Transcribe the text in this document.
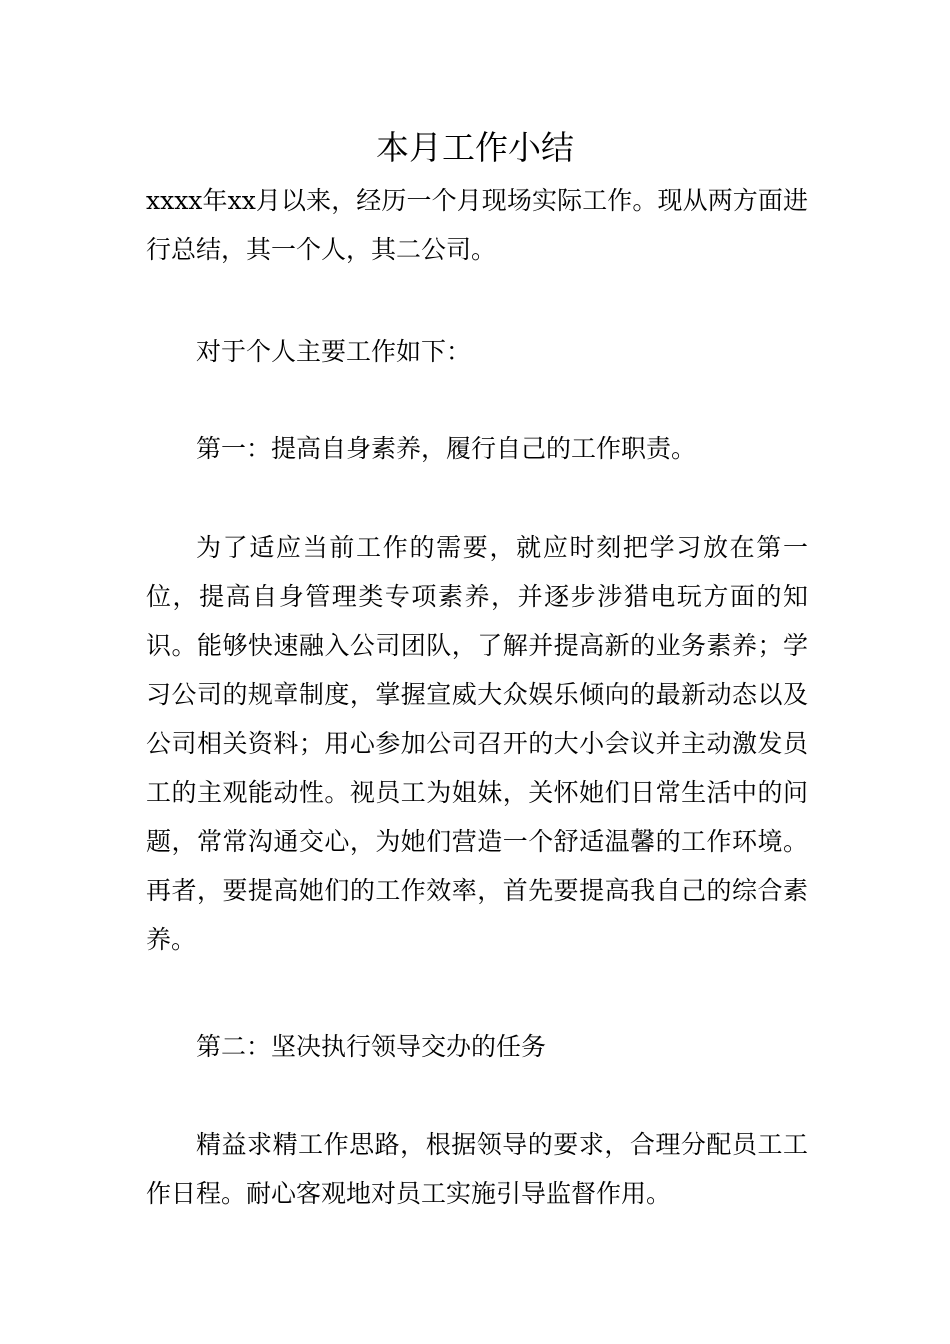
本月工作小结

xxxx年xx月以来，经历一个月现场实际工作。现从两方面进行总结，其一个人，其二公司。

对于个人主要工作如下：

第一：提高自身素养，履行自己的工作职责。

为了适应当前工作的需要，就应时刻把学习放在第一位，提高自身管理类专项素养，并逐步涉猎电玩方面的知识。能够快速融入公司团队，了解并提高新的业务素养；学习公司的规章制度，掌握宣威大众娱乐倾向的最新动态以及公司相关资料；用心参加公司召开的大小会议并主动激发员工的主观能动性。视员工为姐妹，关怀她们日常生活中的问题，常常沟通交心，为她们营造一个舒适温馨的工作环境。再者，要提高她们的工作效率，首先要提高我自己的综合素养。

第二：坚决执行领导交办的任务

精益求精工作思路，根据领导的要求，合理分配员工工作日程。耐心客观地对员工实施引导监督作用。
